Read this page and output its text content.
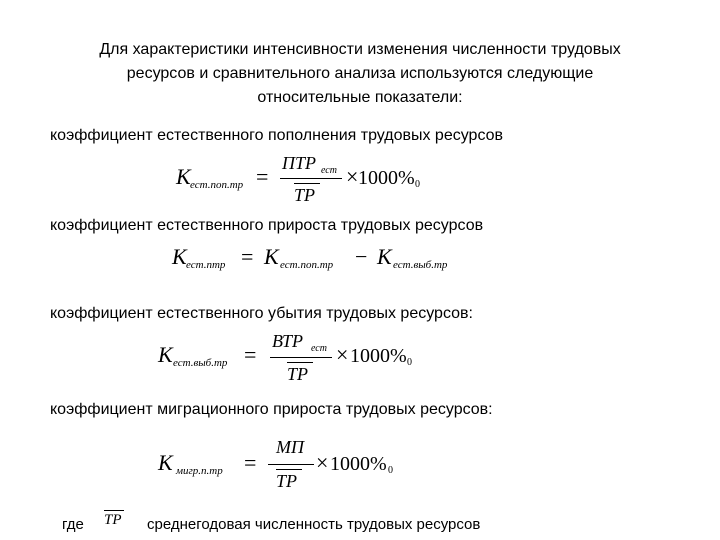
Для характеристики интенсивности изменения численности трудовых
ресурсов и сравнительного анализа используются следующие
относительные показатели:
коэффициент естественного пополнения трудовых ресурсов
K ест.поп.тр =
ПТР ест
ТР
× 1000 % 0
коэффициент естественного прироста трудовых ресурсов
K ест.птр = K ест.поп.тр − K ест.выб.тр
коэффициент естественного убытия трудовых ресурсов:
K ест.выб.тр =
ВТР ест
ТР
× 1000 % 0
коэффициент миграционного прироста трудовых ресурсов:
K мигр.п.тр =
МП
ТР
× 1000 % 0
где ТР среднегодовая численность трудовых ресурсов
